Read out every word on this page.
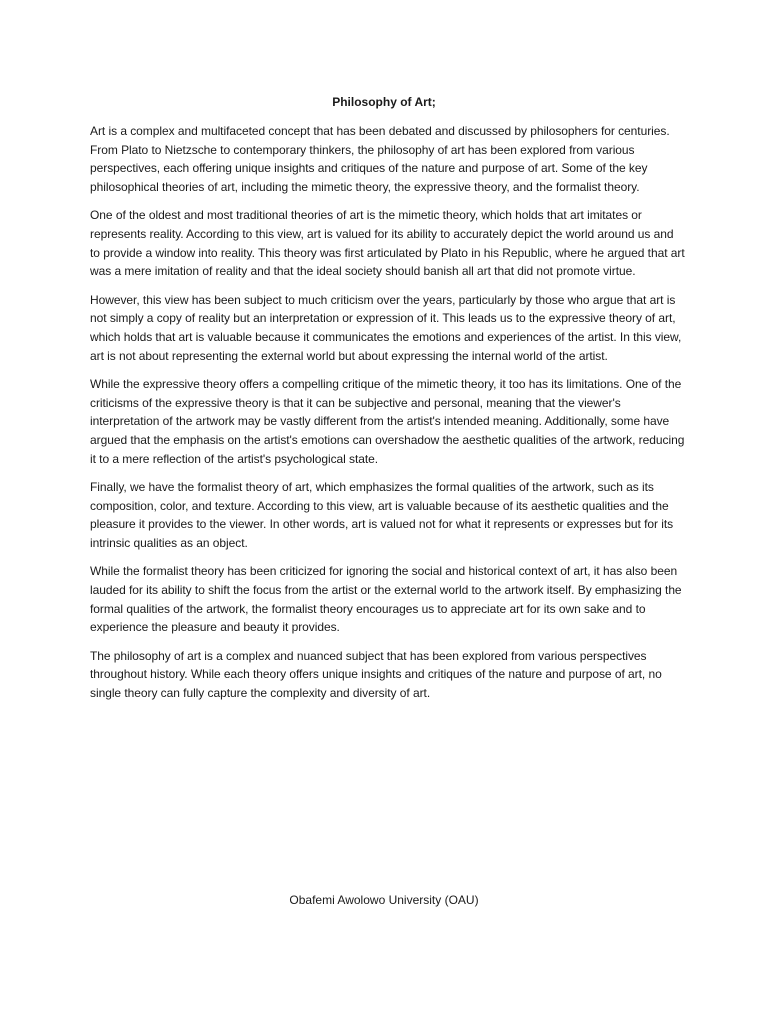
Philosophy of Art;

Art is a complex and multifaceted concept that has been debated and discussed by philosophers for centuries. From Plato to Nietzsche to contemporary thinkers, the philosophy of art has been explored from various perspectives, each offering unique insights and critiques of the nature and purpose of art. Some of the key philosophical theories of art, including the mimetic theory, the expressive theory, and the formalist theory.

One of the oldest and most traditional theories of art is the mimetic theory, which holds that art imitates or represents reality. According to this view, art is valued for its ability to accurately depict the world around us and to provide a window into reality. This theory was first articulated by Plato in his Republic, where he argued that art was a mere imitation of reality and that the ideal society should banish all art that did not promote virtue.

However, this view has been subject to much criticism over the years, particularly by those who argue that art is not simply a copy of reality but an interpretation or expression of it. This leads us to the expressive theory of art, which holds that art is valuable because it communicates the emotions and experiences of the artist. In this view, art is not about representing the external world but about expressing the internal world of the artist.

While the expressive theory offers a compelling critique of the mimetic theory, it too has its limitations. One of the criticisms of the expressive theory is that it can be subjective and personal, meaning that the viewer's interpretation of the artwork may be vastly different from the artist's intended meaning. Additionally, some have argued that the emphasis on the artist's emotions can overshadow the aesthetic qualities of the artwork, reducing it to a mere reflection of the artist's psychological state.

Finally, we have the formalist theory of art, which emphasizes the formal qualities of the artwork, such as its composition, color, and texture. According to this view, art is valuable because of its aesthetic qualities and the pleasure it provides to the viewer. In other words, art is valued not for what it represents or expresses but for its intrinsic qualities as an object.

While the formalist theory has been criticized for ignoring the social and historical context of art, it has also been lauded for its ability to shift the focus from the artist or the external world to the artwork itself. By emphasizing the formal qualities of the artwork, the formalist theory encourages us to appreciate art for its own sake and to experience the pleasure and beauty it provides.

The philosophy of art is a complex and nuanced subject that has been explored from various perspectives throughout history. While each theory offers unique insights and critiques of the nature and purpose of art, no single theory can fully capture the complexity and diversity of art.

Obafemi Awolowo University (OAU)
